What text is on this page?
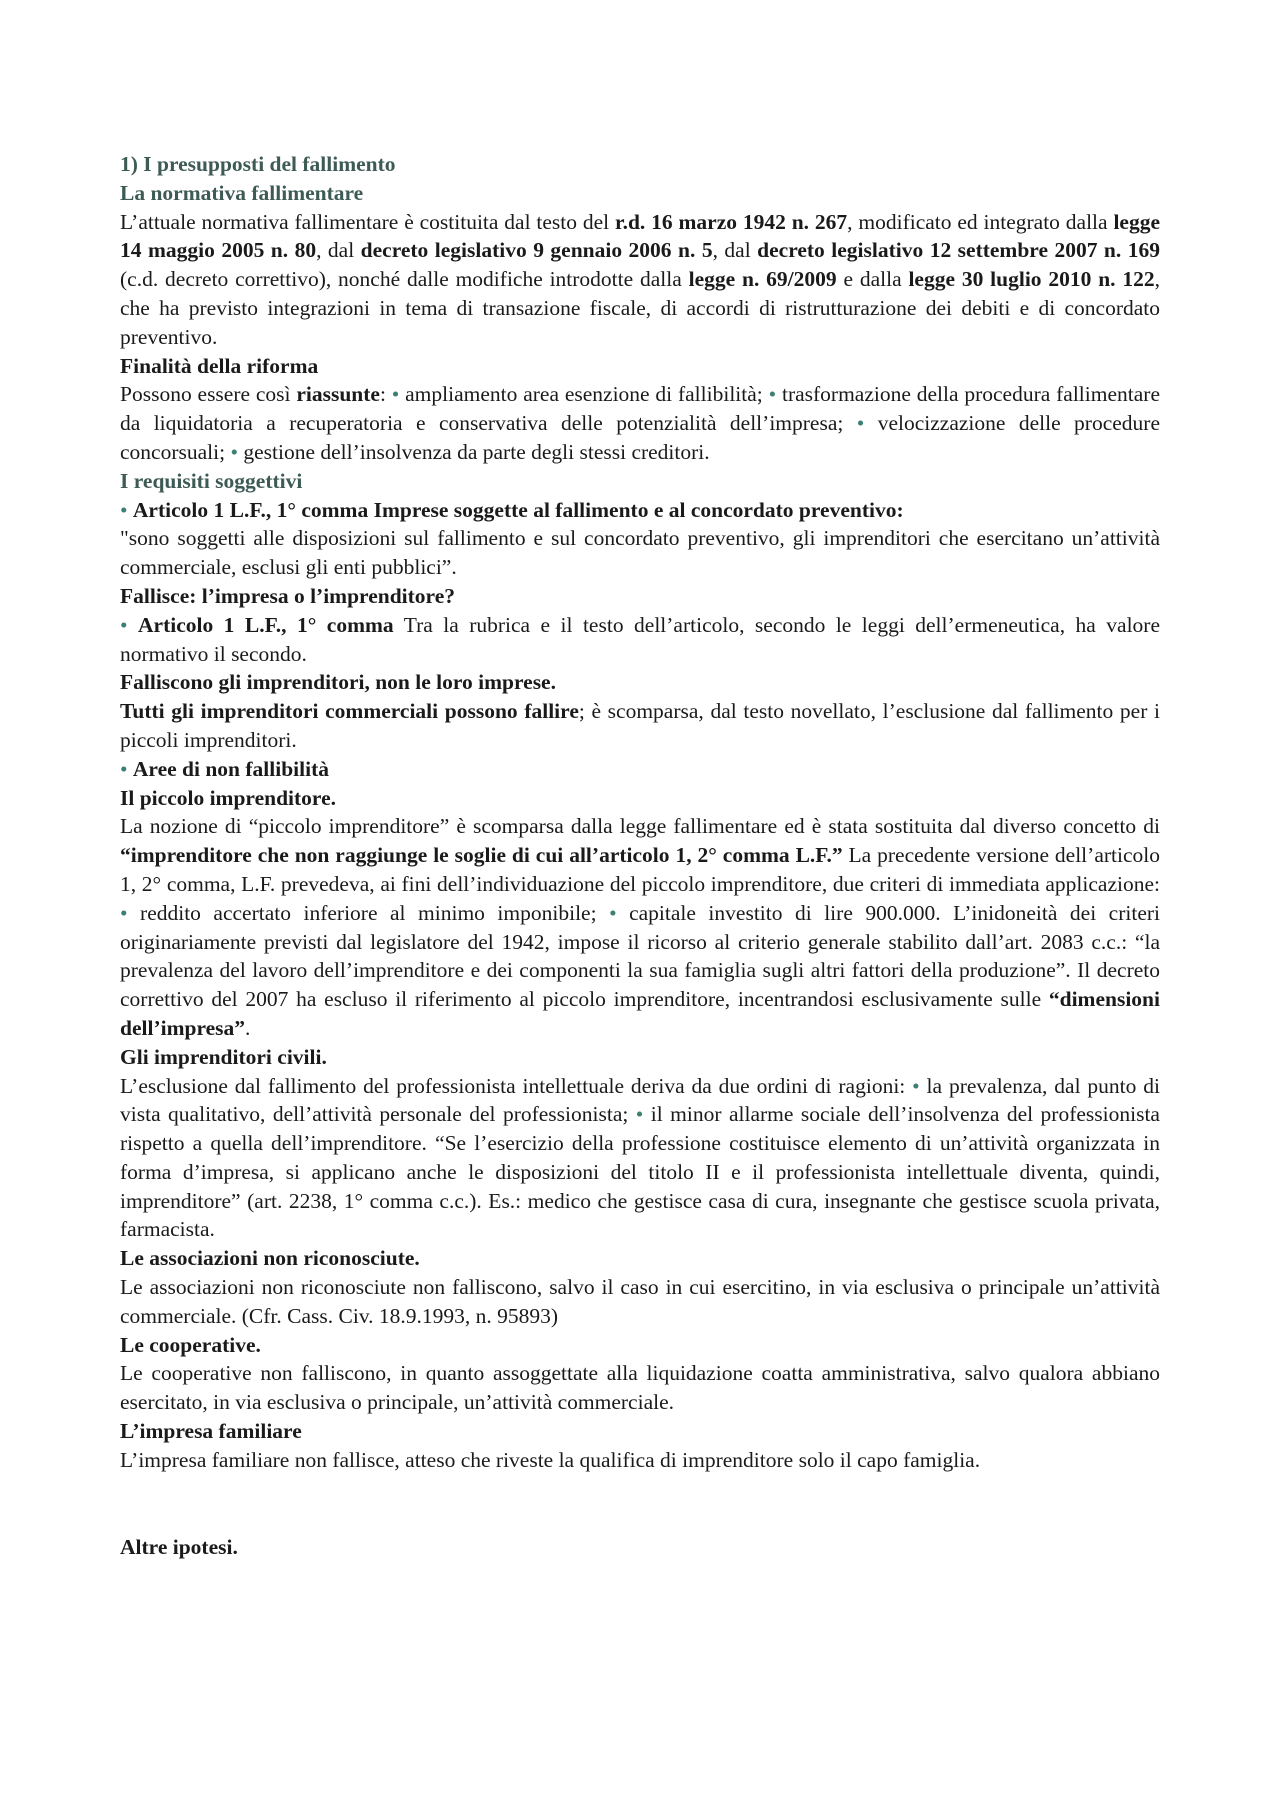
1) I presupposti del fallimento

La normativa fallimentare

L’attuale normativa fallimentare è costituita dal testo del r.d. 16 marzo 1942 n. 267, modificato ed integrato dalla legge 14 maggio 2005 n. 80, dal decreto legislativo 9 gennaio 2006 n. 5, dal decreto legislativo 12 settembre 2007 n. 169 (c.d. decreto correttivo), nonché dalle modifiche introdotte dalla legge n. 69/2009 e dalla legge 30 luglio 2010 n. 122, che ha previsto integrazioni in tema di transazione fiscale, di accordi di ristrutturazione dei debiti e di concordato preventivo.

Finalità della riforma

Possono essere così riassunte: • ampliamento area esenzione di fallibilità; • trasformazione della procedura fallimentare da liquidatoria a recuperatoria e conservativa delle potenzialità dell’impresa; • velocizzazione delle procedure concorsuali; • gestione dell’insolvenza da parte degli stessi creditori.

I requisiti soggettivi

• Articolo 1 L.F., 1° comma Imprese soggette al fallimento e al concordato preventivo:

"sono soggetti alle disposizioni sul fallimento e sul concordato preventivo, gli imprenditori che esercitano un’attività commerciale, esclusi gli enti pubblici”.

Fallisce: l’impresa o l’imprenditore?

• Articolo 1 L.F., 1° comma Tra la rubrica e il testo dell’articolo, secondo le leggi dell’ermeneutica, ha valore normativo il secondo.

Falliscono gli imprenditori, non le loro imprese.

Tutti gli imprenditori commerciali possono fallire; è scomparsa, dal testo novellato, l’esclusione dal fallimento per i piccoli imprenditori.

• Aree di non fallibilità

Il piccolo imprenditore.

La nozione di “piccolo imprenditore” è scomparsa dalla legge fallimentare ed è stata sostituita dal diverso concetto di “imprenditore che non raggiunge le soglie di cui all’articolo 1, 2° comma L.F.” La precedente versione dell’articolo 1, 2° comma, L.F. prevedeva, ai fini dell’individuazione del piccolo imprenditore, due criteri di immediata applicazione: • reddito accertato inferiore al minimo imponibile; • capitale investito di lire 900.000. L’inidoneità dei criteri originariamente previsti dal legislatore del 1942, impose il ricorso al criterio generale stabilito dall’art. 2083 c.c.: “la prevalenza del lavoro dell’imprenditore e dei componenti la sua famiglia sugli altri fattori della produzione”. Il decreto correttivo del 2007 ha escluso il riferimento al piccolo imprenditore, incentrandosi esclusivamente sulle “dimensioni dell’impresa”.

Gli imprenditori civili.

L’esclusione dal fallimento del professionista intellettuale deriva da due ordini di ragioni: • la prevalenza, dal punto di vista qualitativo, dell’attività personale del professionista; • il minor allarme sociale dell’insolvenza del professionista rispetto a quella dell’imprenditore. “Se l’esercizio della professione costituisce elemento di un’attività organizzata in forma d’impresa, si applicano anche le disposizioni del titolo II e il professionista intellettuale diventa, quindi, imprenditore” (art. 2238, 1° comma c.c.). Es.: medico che gestisce casa di cura, insegnante che gestisce scuola privata, farmacista.

Le associazioni non riconosciute.

Le associazioni non riconosciute non falliscono, salvo il caso in cui esercitino, in via esclusiva o principale un’attività commerciale. (Cfr. Cass. Civ. 18.9.1993, n. 95893)

Le cooperative.

Le cooperative non falliscono, in quanto assoggettate alla liquidazione coatta amministrativa, salvo qualora abbiano esercitato, in via esclusiva o principale, un’attività commerciale.

L’impresa familiare

L’impresa familiare non fallisce, atteso che riveste la qualifica di imprenditore solo il capo famiglia.

Altre ipotesi.
